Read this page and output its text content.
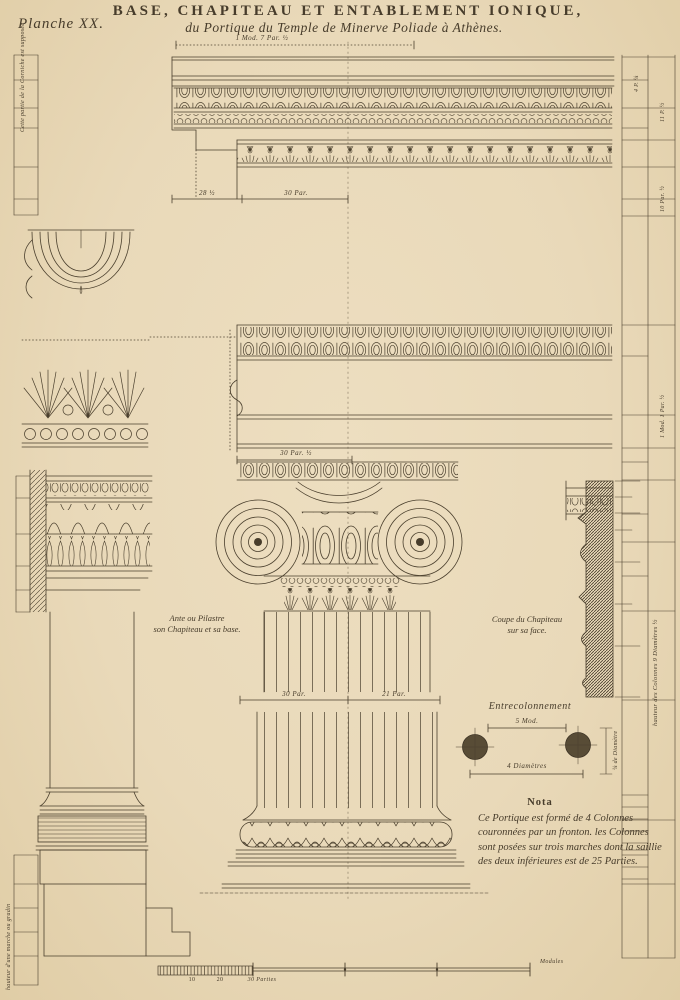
Planche XX.
BASE, CHAPITEAU ET ENTABLEMENT IONIQUE,
du Portique du Temple de Minerve Poliade à Athènes.
1 Mod. 7 Par. ½
28 ½	30 Par.
30 Par. ½
30 Par.	21 Par.
Ante ou Pilastre
son Chapiteau et sa base.
Coupe du Chapiteau
sur sa face.
Entrecolonnement
5 Mod.
4 Diamètres	¼ de Diamètre
Nota
Ce Portique est formé de 4 Colonnes couronnées par un fronton. les Colonnes sont posées sur trois marches dont la saillie des deux inférieures est de 25 Parties.
Cette partie de la Corniche est supposée
hauteur des Colonnes 9 Diamètres ½
hauteur d'une marche ou gradin
4 P. ¼
11 P. ½
10 Par. ½
1 Mod. 1 Par. ½
10	20	30 Parties
Modules
